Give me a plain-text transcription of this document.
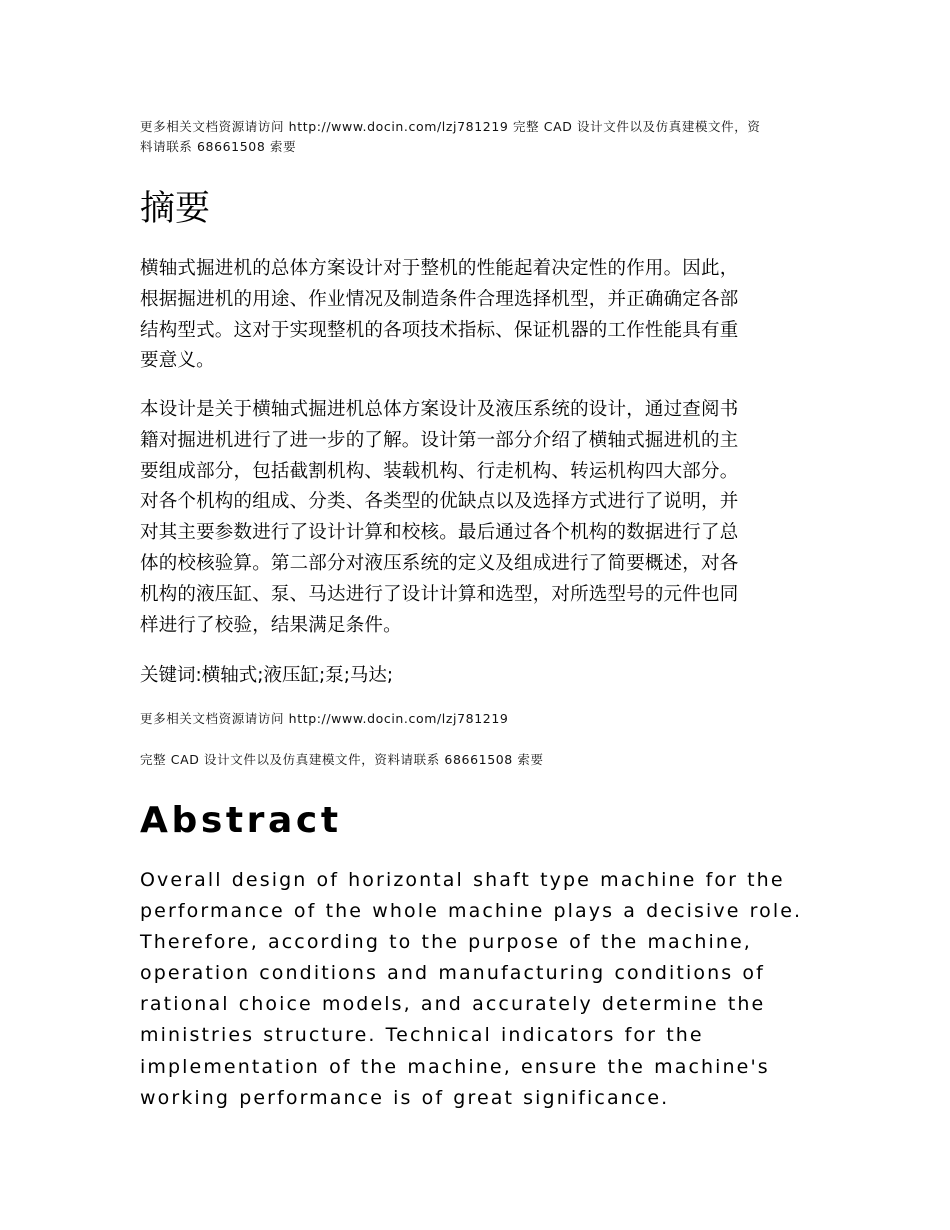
更多相关文档资源请访问 http://www.docin.com/lzj781219 完整 CAD 设计文件以及仿真建模文件，资
料请联系 68661508 索要
摘要

横轴式掘进机的总体方案设计对于整机的性能起着决定性的作用。因此，
根据掘进机的用途、作业情况及制造条件合理选择机型，并正确确定各部
结构型式。这对于实现整机的各项技术指标、保证机器的工作性能具有重
要意义。

本设计是关于横轴式掘进机总体方案设计及液压系统的设计，通过查阅书
籍对掘进机进行了进一步的了解。设计第一部分介绍了横轴式掘进机的主
要组成部分，包括截割机构、装载机构、行走机构、转运机构四大部分。
对各个机构的组成、分类、各类型的优缺点以及选择方式进行了说明，并
对其主要参数进行了设计计算和校核。最后通过各个机构的数据进行了总
体的校核验算。第二部分对液压系统的定义及组成进行了简要概述，对各
机构的液压缸、泵、马达进行了设计计算和选型，对所选型号的元件也同
样进行了校验，结果满足条件。

关键词:横轴式;液压缸;泵;马达;

更多相关文档资源请访问 http://www.docin.com/lzj781219

完整 CAD 设计文件以及仿真建模文件，资料请联系 68661508 索要

Abstract

Overall design of horizontal shaft type machine for the
performance of the whole machine plays a decisive role.
Therefore, according to the purpose of the machine,
operation conditions and manufacturing conditions of
rational choice models, and accurately determine the
ministries structure. Technical indicators for the
implementation of the machine, ensure the machine's
working performance is of great significance.
